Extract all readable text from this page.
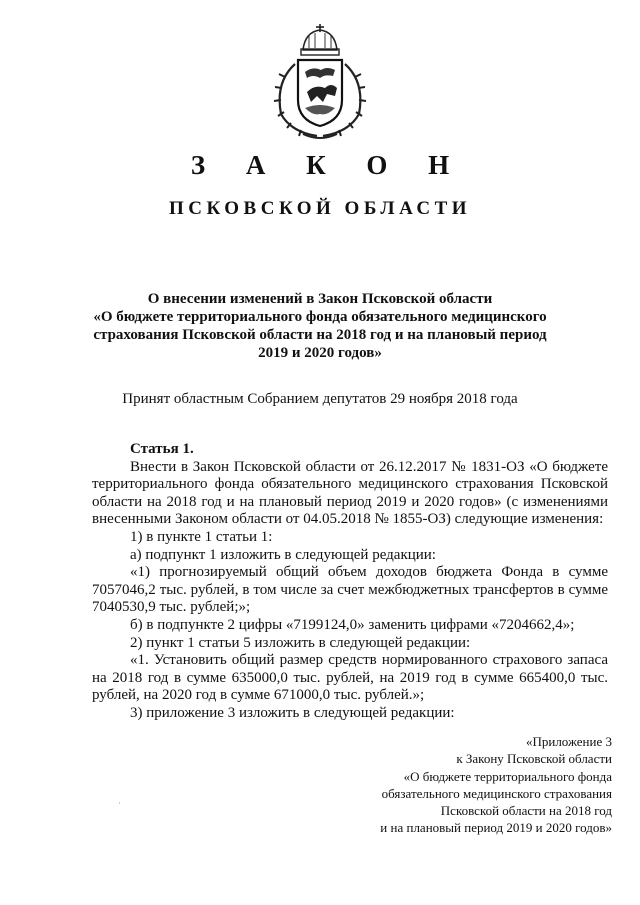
З А К О Н
ПСКОВСКОЙ ОБЛАСТИ
О внесении изменений в Закон Псковской области
«О бюджете территориального фонда обязательного медицинского
страхования Псковской области на 2018 год и на плановый период
2019 и 2020 годов»
Принят областным Собранием депутатов 29 ноября 2018 года
Статья 1.

Внести в Закон Псковской области от 26.12.2017 № 1831-ОЗ «О бюджете территориального фонда обязательного медицинского страхования Псковской области на 2018 год и на плановый период 2019 и 2020 годов» (с изменениями внесенными Законом области от 04.05.2018 № 1855-ОЗ) следующие изменения:

1) в пункте 1 статьи 1:

а) подпункт 1 изложить в следующей редакции:

«1) прогнозируемый общий объем доходов бюджета Фонда в сумме 7057046,2 тыс. рублей, в том числе за счет межбюджетных трансфертов в сумме 7040530,9 тыс. рублей;»;

б) в подпункте 2 цифры «7199124,0» заменить цифрами «7204662,4»;

2) пункт 1 статьи 5 изложить в следующей редакции:

«1. Установить общий размер средств нормированного страхового запаса на 2018 год в сумме 635000,0 тыс. рублей, на 2019 год в сумме 665400,0 тыс. рублей, на 2020 год в сумме 671000,0 тыс. рублей.»;

3) приложение 3 изложить в следующей редакции:

«Приложение 3
к Закону Псковской области
«О бюджете территориального фонда
обязательного медицинского страхования
Псковской области на 2018 год
и на плановый период 2019 и 2020 годов»
·
